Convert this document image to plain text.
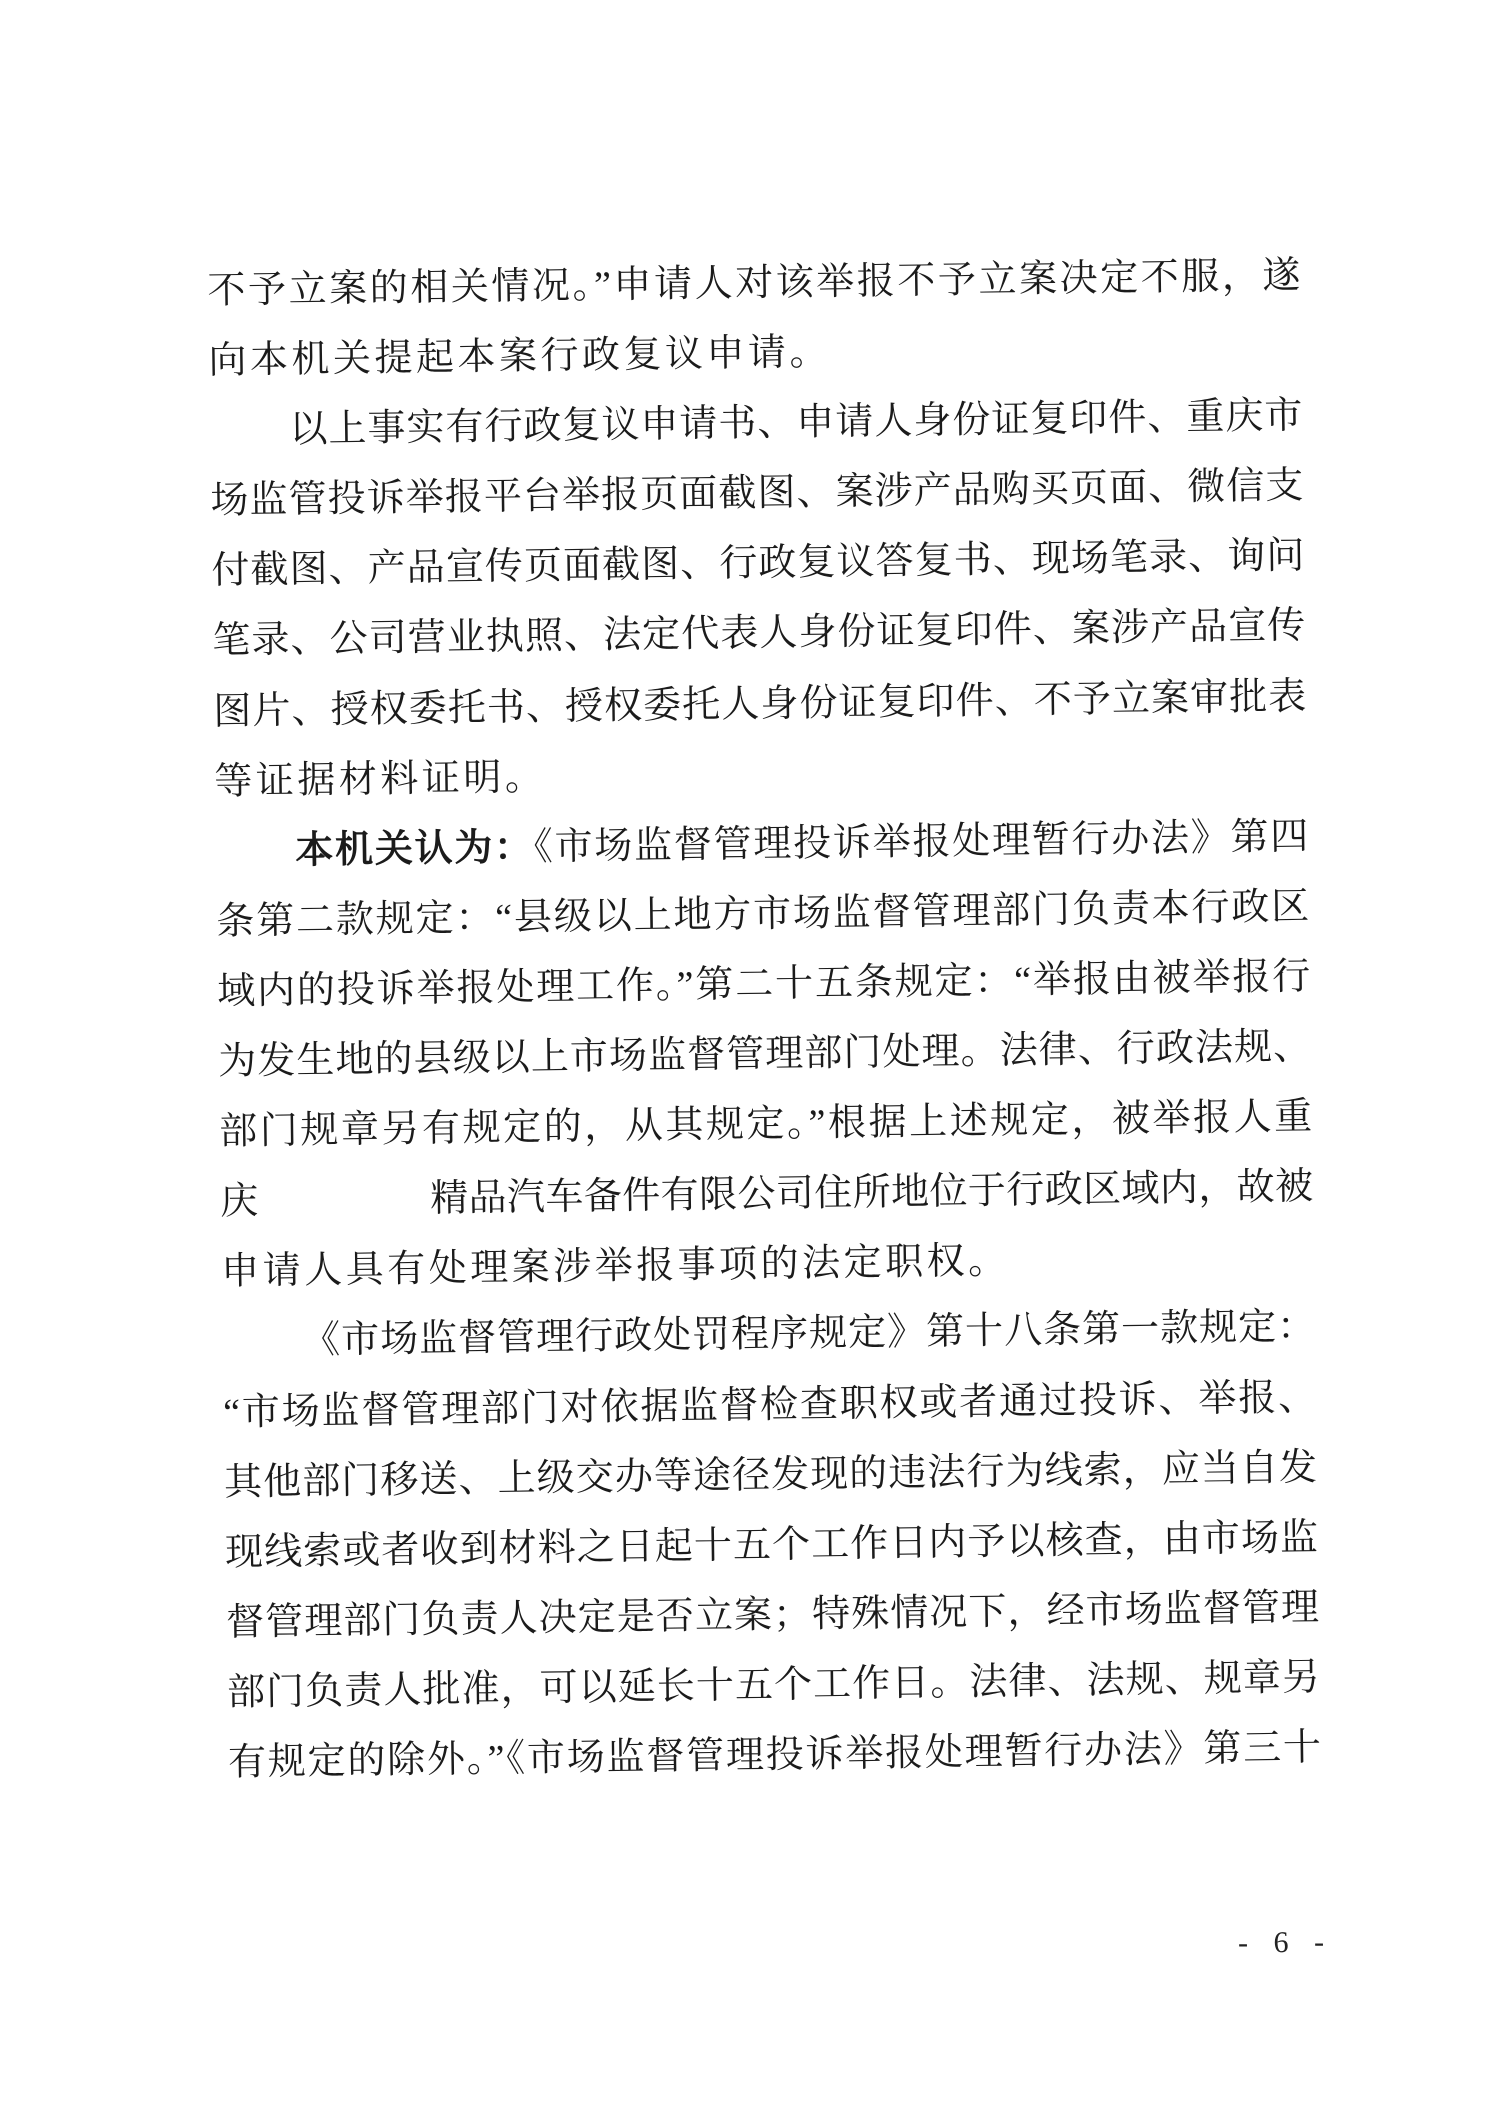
不予立案的相关情况。”申请人对该举报不予立案决定不服，遂
向本机关提起本案行政复议申请。
以上事实有行政复议申请书、申请人身份证复印件、重庆市
场监管投诉举报平台举报页面截图、案涉产品购买页面、微信支
付截图、产品宣传页面截图、行政复议答复书、现场笔录、询问
笔录、公司营业执照、法定代表人身份证复印件、案涉产品宣传
图片、授权委托书、授权委托人身份证复印件、不予立案审批表
等证据材料证明。
本机关认为：《市场监督管理投诉举报处理暂行办法》第四
条第二款规定：“县级以上地方市场监督管理部门负责本行政区
域内的投诉举报处理工作。”第二十五条规定：“举报由被举报行
为发生地的县级以上市场监督管理部门处理。法律、行政法规、
部门规章另有规定的，从其规定。”根据上述规定，被举报人重
庆	精品汽车备件有限公司住所地位于行政区域内，故被
申请人具有处理案涉举报事项的法定职权。
《市场监督管理行政处罚程序规定》第十八条第一款规定：
“市场监督管理部门对依据监督检查职权或者通过投诉、举报、
其他部门移送、上级交办等途径发现的违法行为线索，应当自发
现线索或者收到材料之日起十五个工作日内予以核查，由市场监
督管理部门负责人决定是否立案；特殊情况下，经市场监督管理
部门负责人批准，可以延长十五个工作日。法律、法规、规章另
有规定的除外。”《市场监督管理投诉举报处理暂行办法》第三十
- 6 -
